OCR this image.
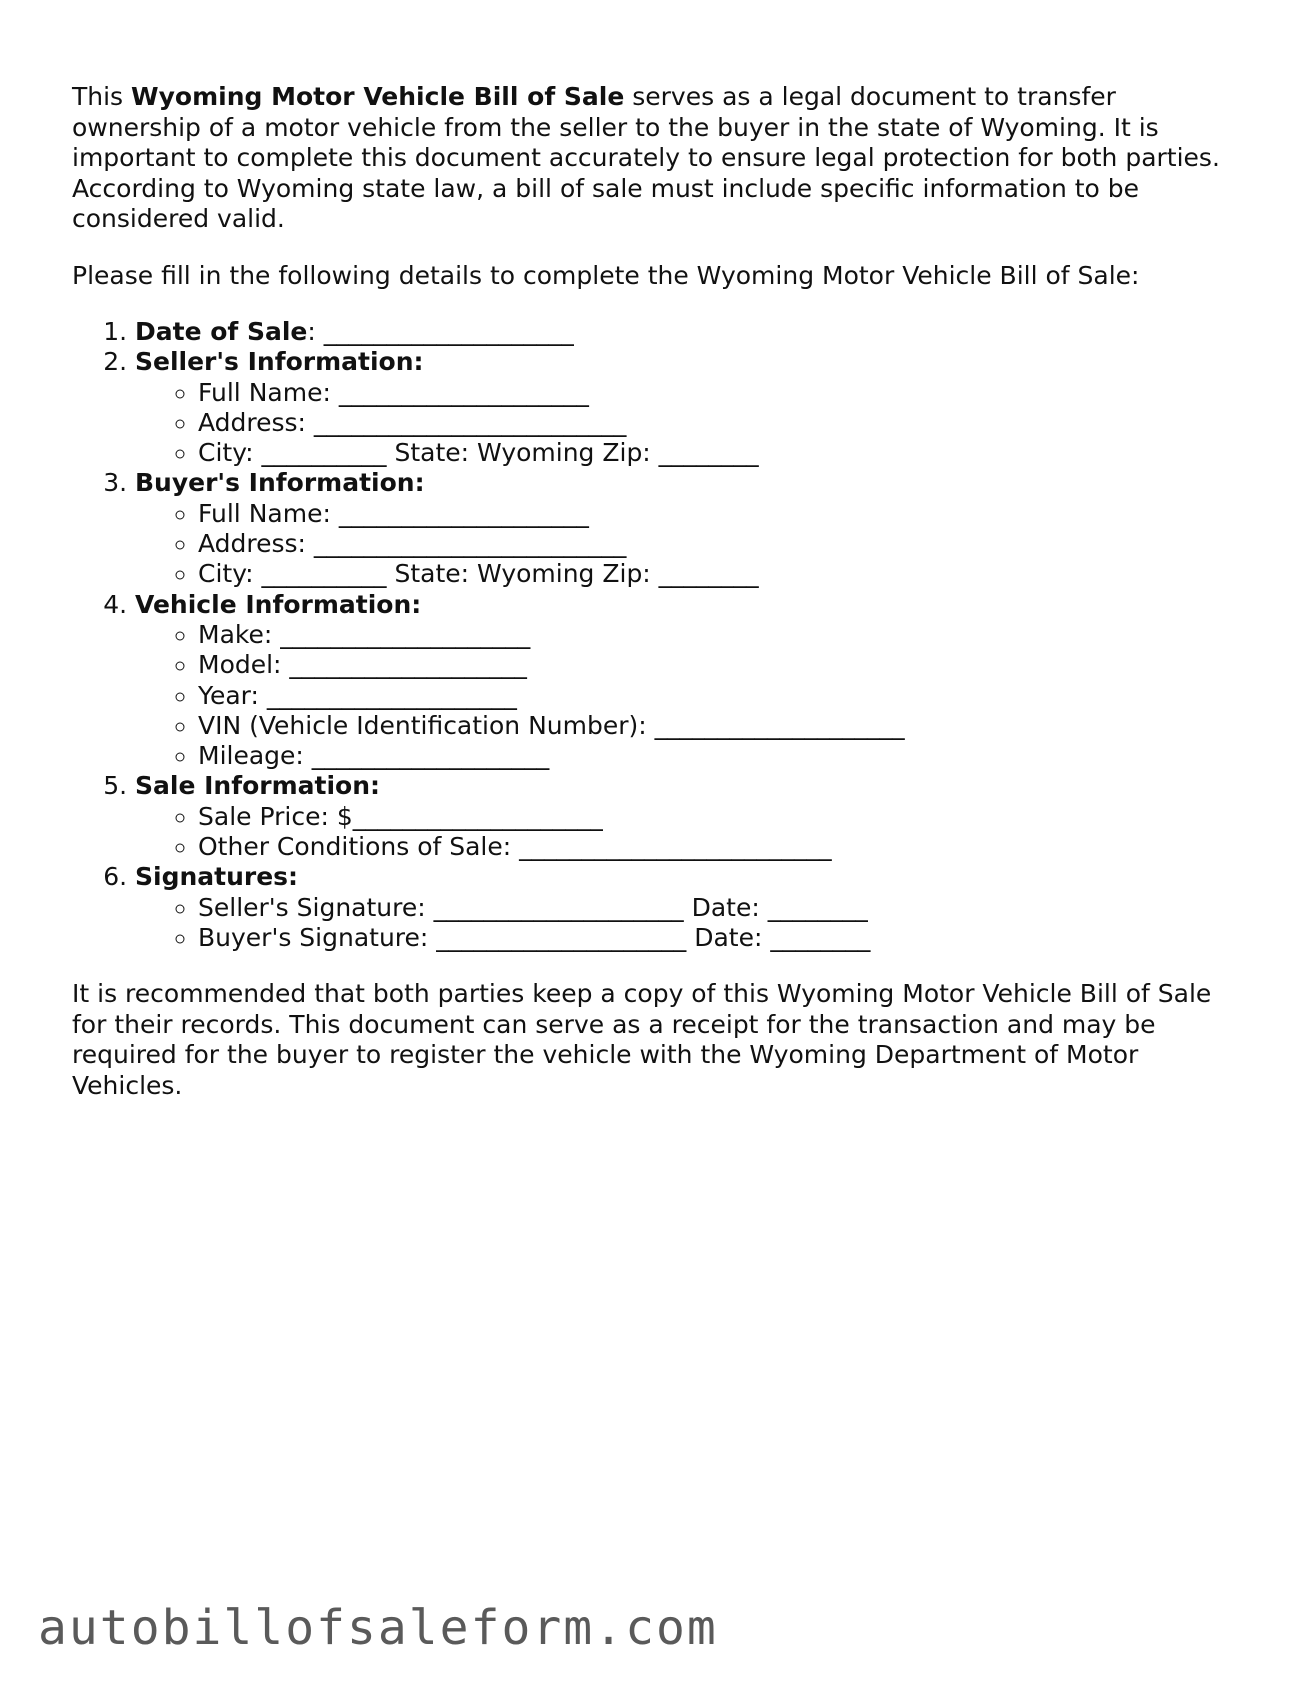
This Wyoming Motor Vehicle Bill of Sale serves as a legal document to transfer ownership of a motor vehicle from the seller to the buyer in the state of Wyoming. It is important to complete this document accurately to ensure legal protection for both parties. According to Wyoming state law, a bill of sale must include specific information to be considered valid.

Please fill in the following details to complete the Wyoming Motor Vehicle Bill of Sale:

1. Date of Sale: ____________________
2. Seller's Information:
◦ Full Name: ____________________
◦ Address: _________________________
◦ City: __________ State: Wyoming Zip: ________
3. Buyer's Information:
◦ Full Name: ____________________
◦ Address: _________________________
◦ City: __________ State: Wyoming Zip: ________
4. Vehicle Information:
◦ Make: ____________________
◦ Model: ___________________
◦ Year: ____________________
◦ VIN (Vehicle Identification Number): ____________________
◦ Mileage: ___________________
5. Sale Information:
◦ Sale Price: $____________________
◦ Other Conditions of Sale: _________________________
6. Signatures:
◦ Seller's Signature: ____________________ Date: ________
◦ Buyer's Signature: ____________________ Date: ________

It is recommended that both parties keep a copy of this Wyoming Motor Vehicle Bill of Sale for their records. This document can serve as a receipt for the transaction and may be required for the buyer to register the vehicle with the Wyoming Department of Motor Vehicles.

autobillofsaleform.com
